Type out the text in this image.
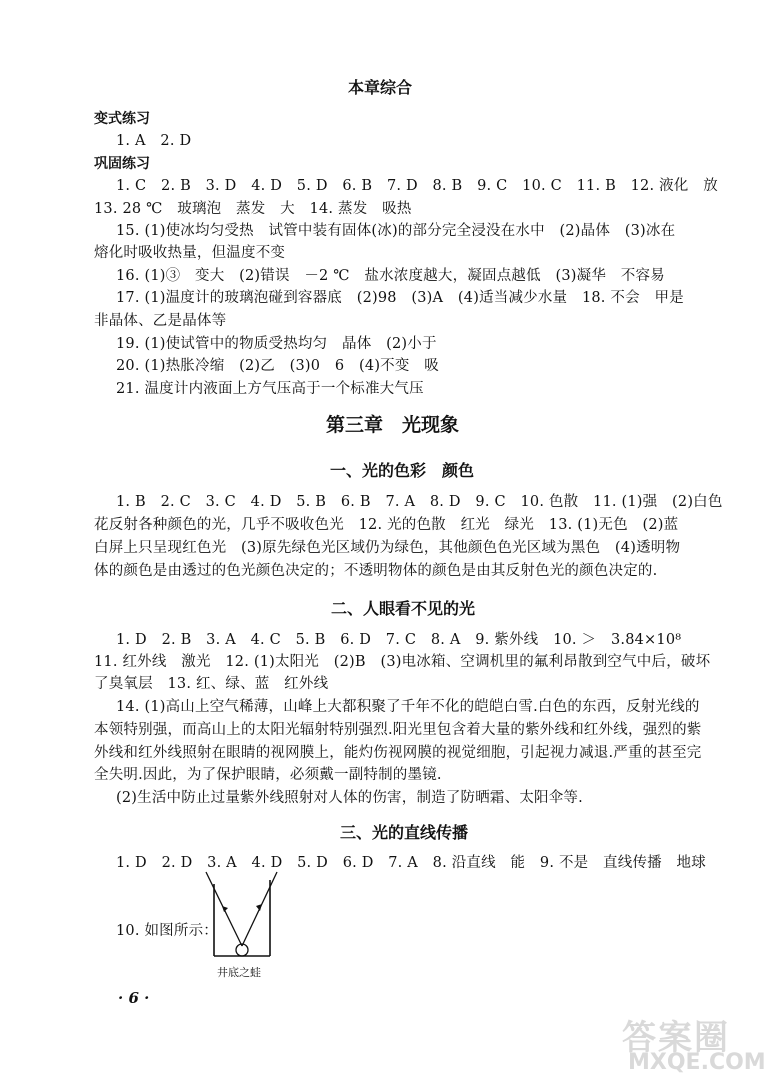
本章综合
变式练习
1. A　2. D
巩固练习
1. C　2. B　3. D　4. D　5. D　6. B　7. D　8. B　9. C　10. C　11. B　12. 液化　放
13. 28 ℃　玻璃泡　蒸发　大　14. 蒸发　吸热
15. (1)使冰均匀受热　试管中装有固体(冰)的部分完全浸没在水中　(2)晶体　(3)冰在
熔化时吸收热量，但温度不变
16. (1)③　变大　(2)错误　－2 ℃　盐水浓度越大，凝固点越低　(3)凝华　不容易
17. (1)温度计的玻璃泡碰到容器底　(2)98　(3)A　(4)适当减少水量　18. 不会　甲是
非晶体、乙是晶体等
19. (1)使试管中的物质受热均匀　晶体　(2)小于
20. (1)热胀冷缩　(2)乙　(3)0　6　(4)不变　吸
21. 温度计内液面上方气压高于一个标准大气压
第三章　光现象
一、光的色彩　颜色
1. B　2. C　3. C　4. D　5. B　6. B　7. A　8. D　9. C　10. 色散　11. (1)强　(2)白色
花反射各种颜色的光，几乎不吸收色光　12. 光的色散　红光　绿光　13. (1)无色　(2)蓝
白屏上只呈现红色光　(3)原先绿色光区域仍为绿色，其他颜色色光区域为黑色　(4)透明物
体的颜色是由透过的色光颜色决定的；不透明物体的颜色是由其反射色光的颜色决定的.
二、人眼看不见的光
1. D　2. B　3. A　4. C　5. B　6. D　7. C　8. A　9. 紫外线　10. ＞　3.84×10⁸
11. 红外线　激光　12. (1)太阳光　(2)B　(3)电冰箱、空调机里的氟利昂散到空气中后，破坏
了臭氧层　13. 红、绿、蓝　红外线
14. (1)高山上空气稀薄，山峰上大都积聚了千年不化的皑皑白雪.白色的东西，反射光线的
本领特别强，而高山上的太阳光辐射特别强烈.阳光里包含着大量的紫外线和红外线，强烈的紫
外线和红外线照射在眼睛的视网膜上，能灼伤视网膜的视觉细胞，引起视力减退.严重的甚至完
全失明.因此，为了保护眼睛，必须戴一副特制的墨镜.
(2)生活中防止过量紫外线照射对人体的伤害，制造了防晒霜、太阳伞等.
三、光的直线传播
1. D　2. D　3. A　4. D　5. D　6. D　7. A　8. 沿直线　能　9. 不是　直线传播　地球
10. 如图所示：
井底之蛙
· 6 ·
答案圈
MXQE.COM
